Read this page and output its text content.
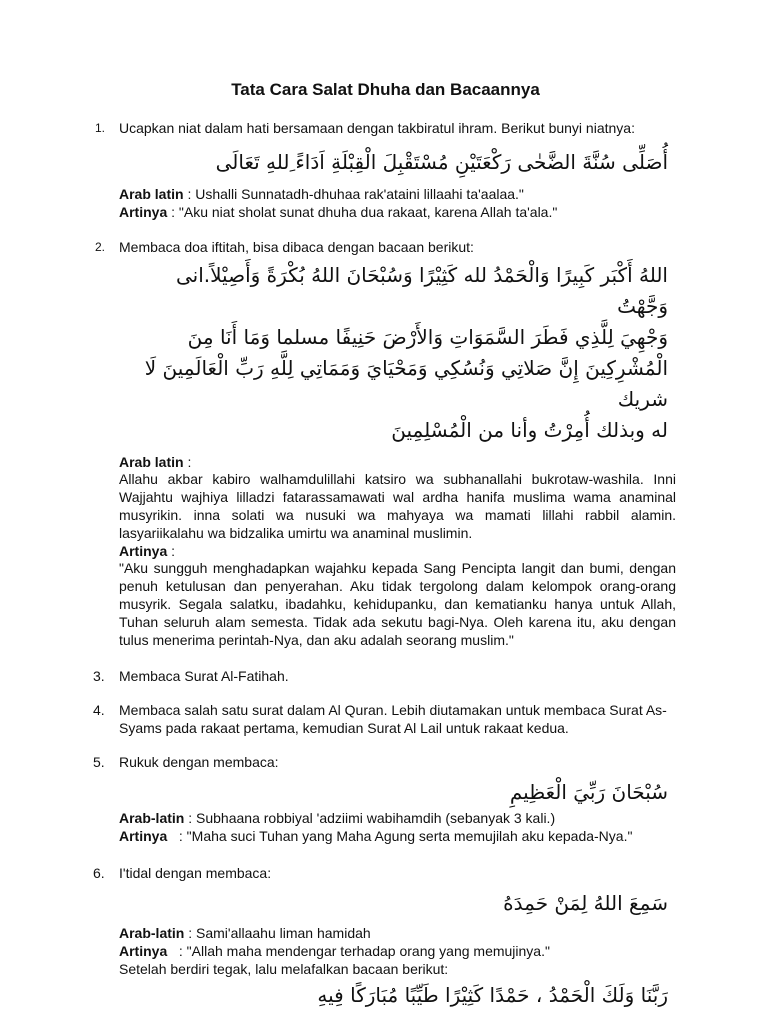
Tata Cara Salat Dhuha dan Bacaannya
1. Ucapkan niat dalam hati bersamaan dengan takbiratul ihram. Berikut bunyi niatnya:
أُصَلِّى سُنَّةَ الضَّحٰى رَكْعَتَيْنِ مُسْتَقْبِلَ الْقِبْلَةِ اَدَاءً ِللهِ تَعَالَى
Arab latin : Ushalli Sunnatadh-dhuhaa rak'ataini lillaahi ta'aalaa."
Artinya : "Aku niat sholat sunat dhuha dua rakaat, karena Allah ta'ala."
2. Membaca doa iftitah, bisa dibaca dengan bacaan berikut:
اللهُ أَكْبَر كَبِيرًا وَالْحَمْدُ لله كَثِيْرًا وَسُبْحَانَ اللهُ بُكْرَةً وَأَصِيْلاً.انى وَجَّهْتُ
وَجْهِيَ لِلَّذِي فَطَرَ السَّمَوَاتِ وَالأَرْضَ حَنِيفًا مسلما وَمَا أَنَا مِنَ
الْمُشْرِكِينَ إِنَّ صَلاتِي وَنُسُكِي وَمَحْيَايَ وَمَمَاتِي لِلَّهِ رَبِّ الْعَالَمِينَ لَا شريك
له وبذلك أُمِرْتُ وأنا من الْمُسْلِمِينَ
Arab latin :
Allahu akbar kabiro walhamdulillahi katsiro wa subhanallahi bukrotaw-washila. Inni Wajjahtu wajhiya lilladzi fatarassamawati wal ardha hanifa muslima wama anaminal musyrikin. inna solati wa nusuki wa mahyaya wa mamati lillahi rabbil alamin. lasyariikalahu wa bidzalika umirtu wa anaminal muslimin.
Artinya :
"Aku sungguh menghadapkan wajahku kepada Sang Pencipta langit dan bumi, dengan penuh ketulusan dan penyerahan. Aku tidak tergolong dalam kelompok orang-orang musyrik. Segala salatku, ibadahku, kehidupanku, dan kematianku hanya untuk Allah, Tuhan seluruh alam semesta. Tidak ada sekutu bagi-Nya. Oleh karena itu, aku dengan tulus menerima perintah-Nya, dan aku adalah seorang muslim."
3.	Membaca Surat Al-Fatihah.
4.	Membaca salah satu surat dalam Al Quran. Lebih diutamakan untuk membaca Surat As-Syams pada rakaat pertama, kemudian Surat Al Lail untuk rakaat kedua.
5.	Rukuk dengan membaca:
سُبْحَانَ رَبِّيَ الْعَظِيمِ
Arab-latin : Subhaana robbiyal 'adziimi wabihamdih (sebanyak 3 kali.)
Artinya   : "Maha suci Tuhan yang Maha Agung serta memujilah aku kepada-Nya."
6.	I'tidal dengan membaca:
سَمِعَ اللهُ لِمَنْ حَمِدَهُ
Arab-latin : Sami'allaahu liman hamidah
Artinya   : "Allah maha mendengar terhadap orang yang memujinya."
Setelah berdiri tegak, lalu melafalkan bacaan berikut:
رَبَّنَا وَلَكَ الْحَمْدُ ، حَمْدًا كَثِيْرًا طَيِّبًا مُبَارَكًا فِيهِ
